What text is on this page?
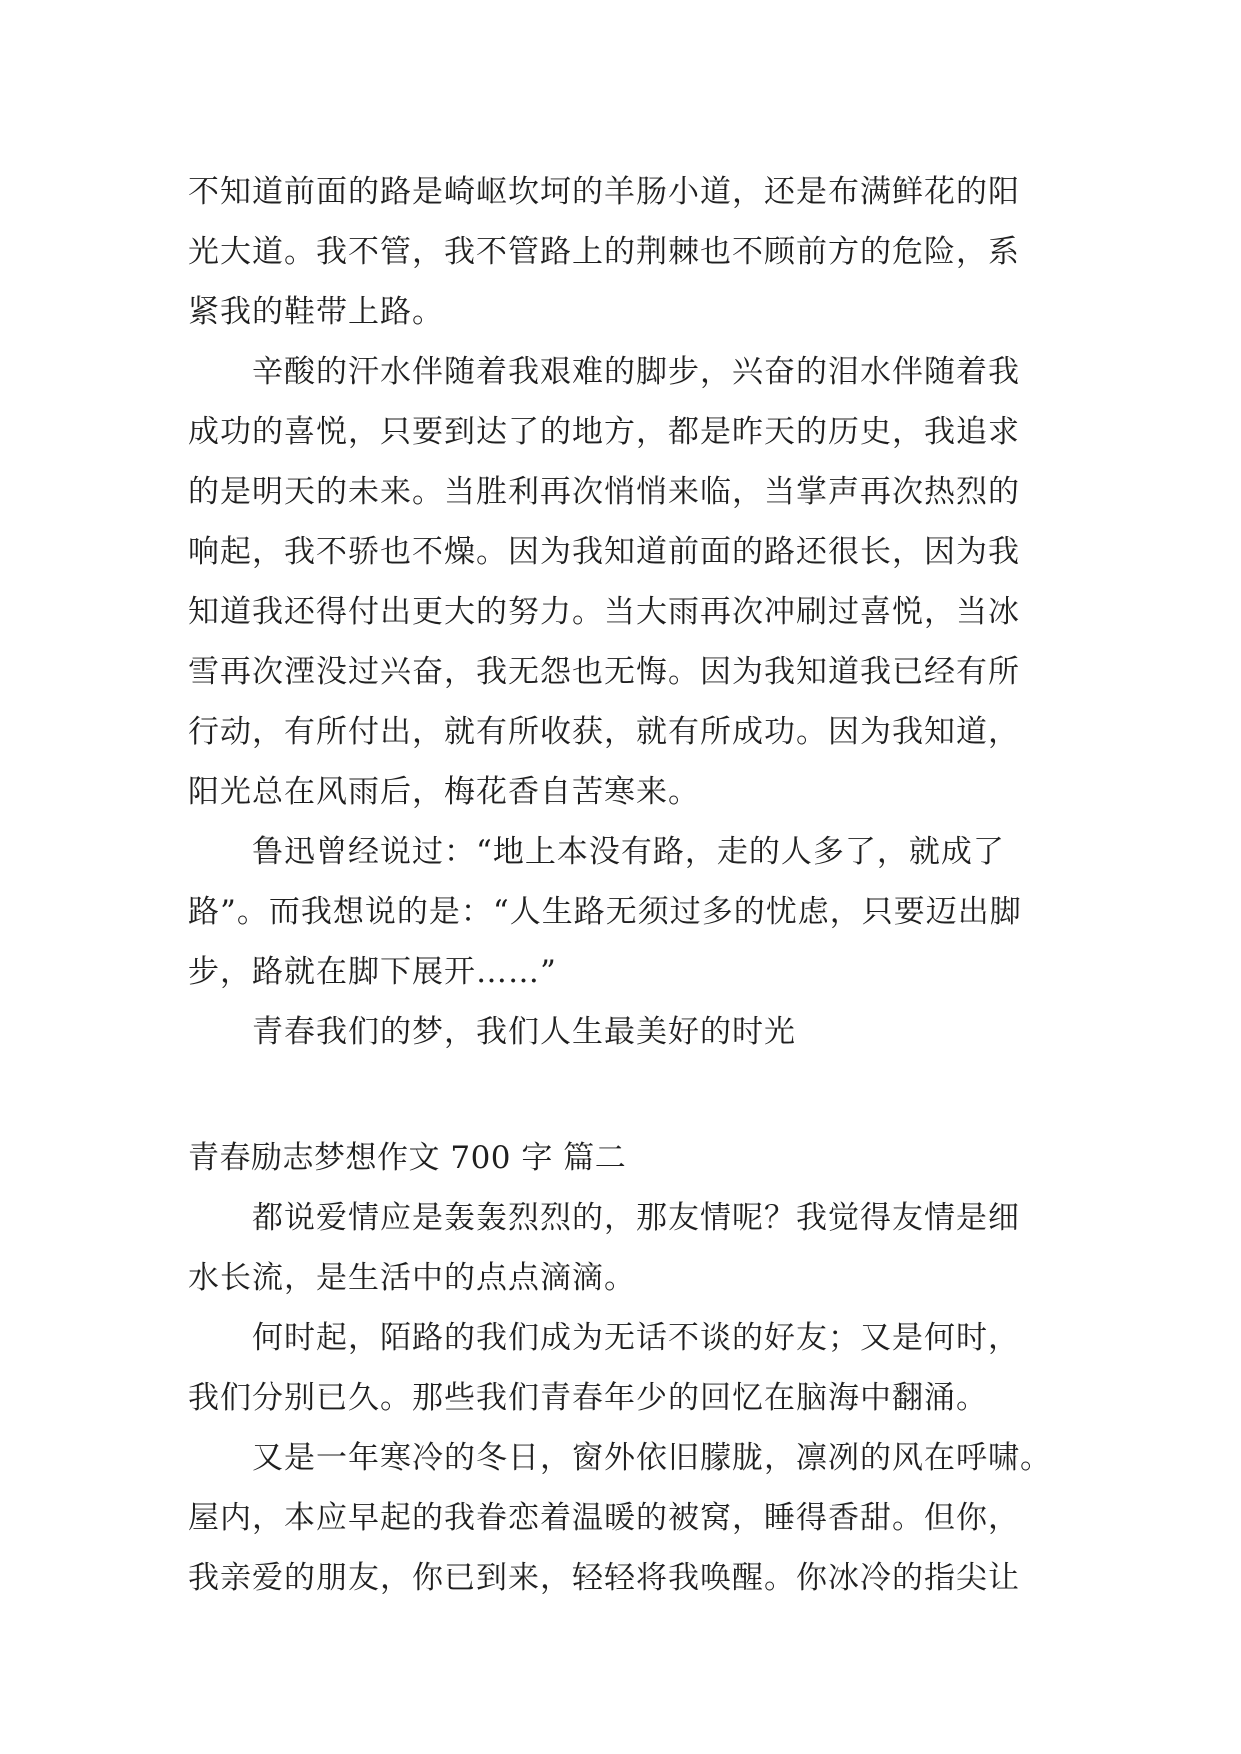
不知道前面的路是崎岖坎坷的羊肠小道，还是布满鲜花的阳
光大道。我不管，我不管路上的荆棘也不顾前方的危险，系
紧我的鞋带上路。
辛酸的汗水伴随着我艰难的脚步，兴奋的泪水伴随着我
成功的喜悦，只要到达了的地方，都是昨天的历史，我追求
的是明天的未来。当胜利再次悄悄来临，当掌声再次热烈的
响起，我不骄也不燥。因为我知道前面的路还很长，因为我
知道我还得付出更大的努力。当大雨再次冲刷过喜悦，当冰
雪再次湮没过兴奋，我无怨也无悔。因为我知道我已经有所
行动，有所付出，就有所收获，就有所成功。因为我知道，
阳光总在风雨后，梅花香自苦寒来。
鲁迅曾经说过：“地上本没有路，走的人多了，就成了
路”。而我想说的是：“人生路无须过多的忧虑，只要迈出脚
步，路就在脚下展开……”
青春我们的梦，我们人生最美好的时光
青春励志梦想作文 700 字 篇二
都说爱情应是轰轰烈烈的，那友情呢？我觉得友情是细
水长流，是生活中的点点滴滴。
何时起，陌路的我们成为无话不谈的好友；又是何时，
我们分别已久。那些我们青春年少的回忆在脑海中翻涌。
又是一年寒冷的冬日，窗外依旧朦胧，凛冽的风在呼啸。
屋内，本应早起的我眷恋着温暖的被窝，睡得香甜。但你，
我亲爱的朋友，你已到来，轻轻将我唤醒。你冰冷的指尖让
